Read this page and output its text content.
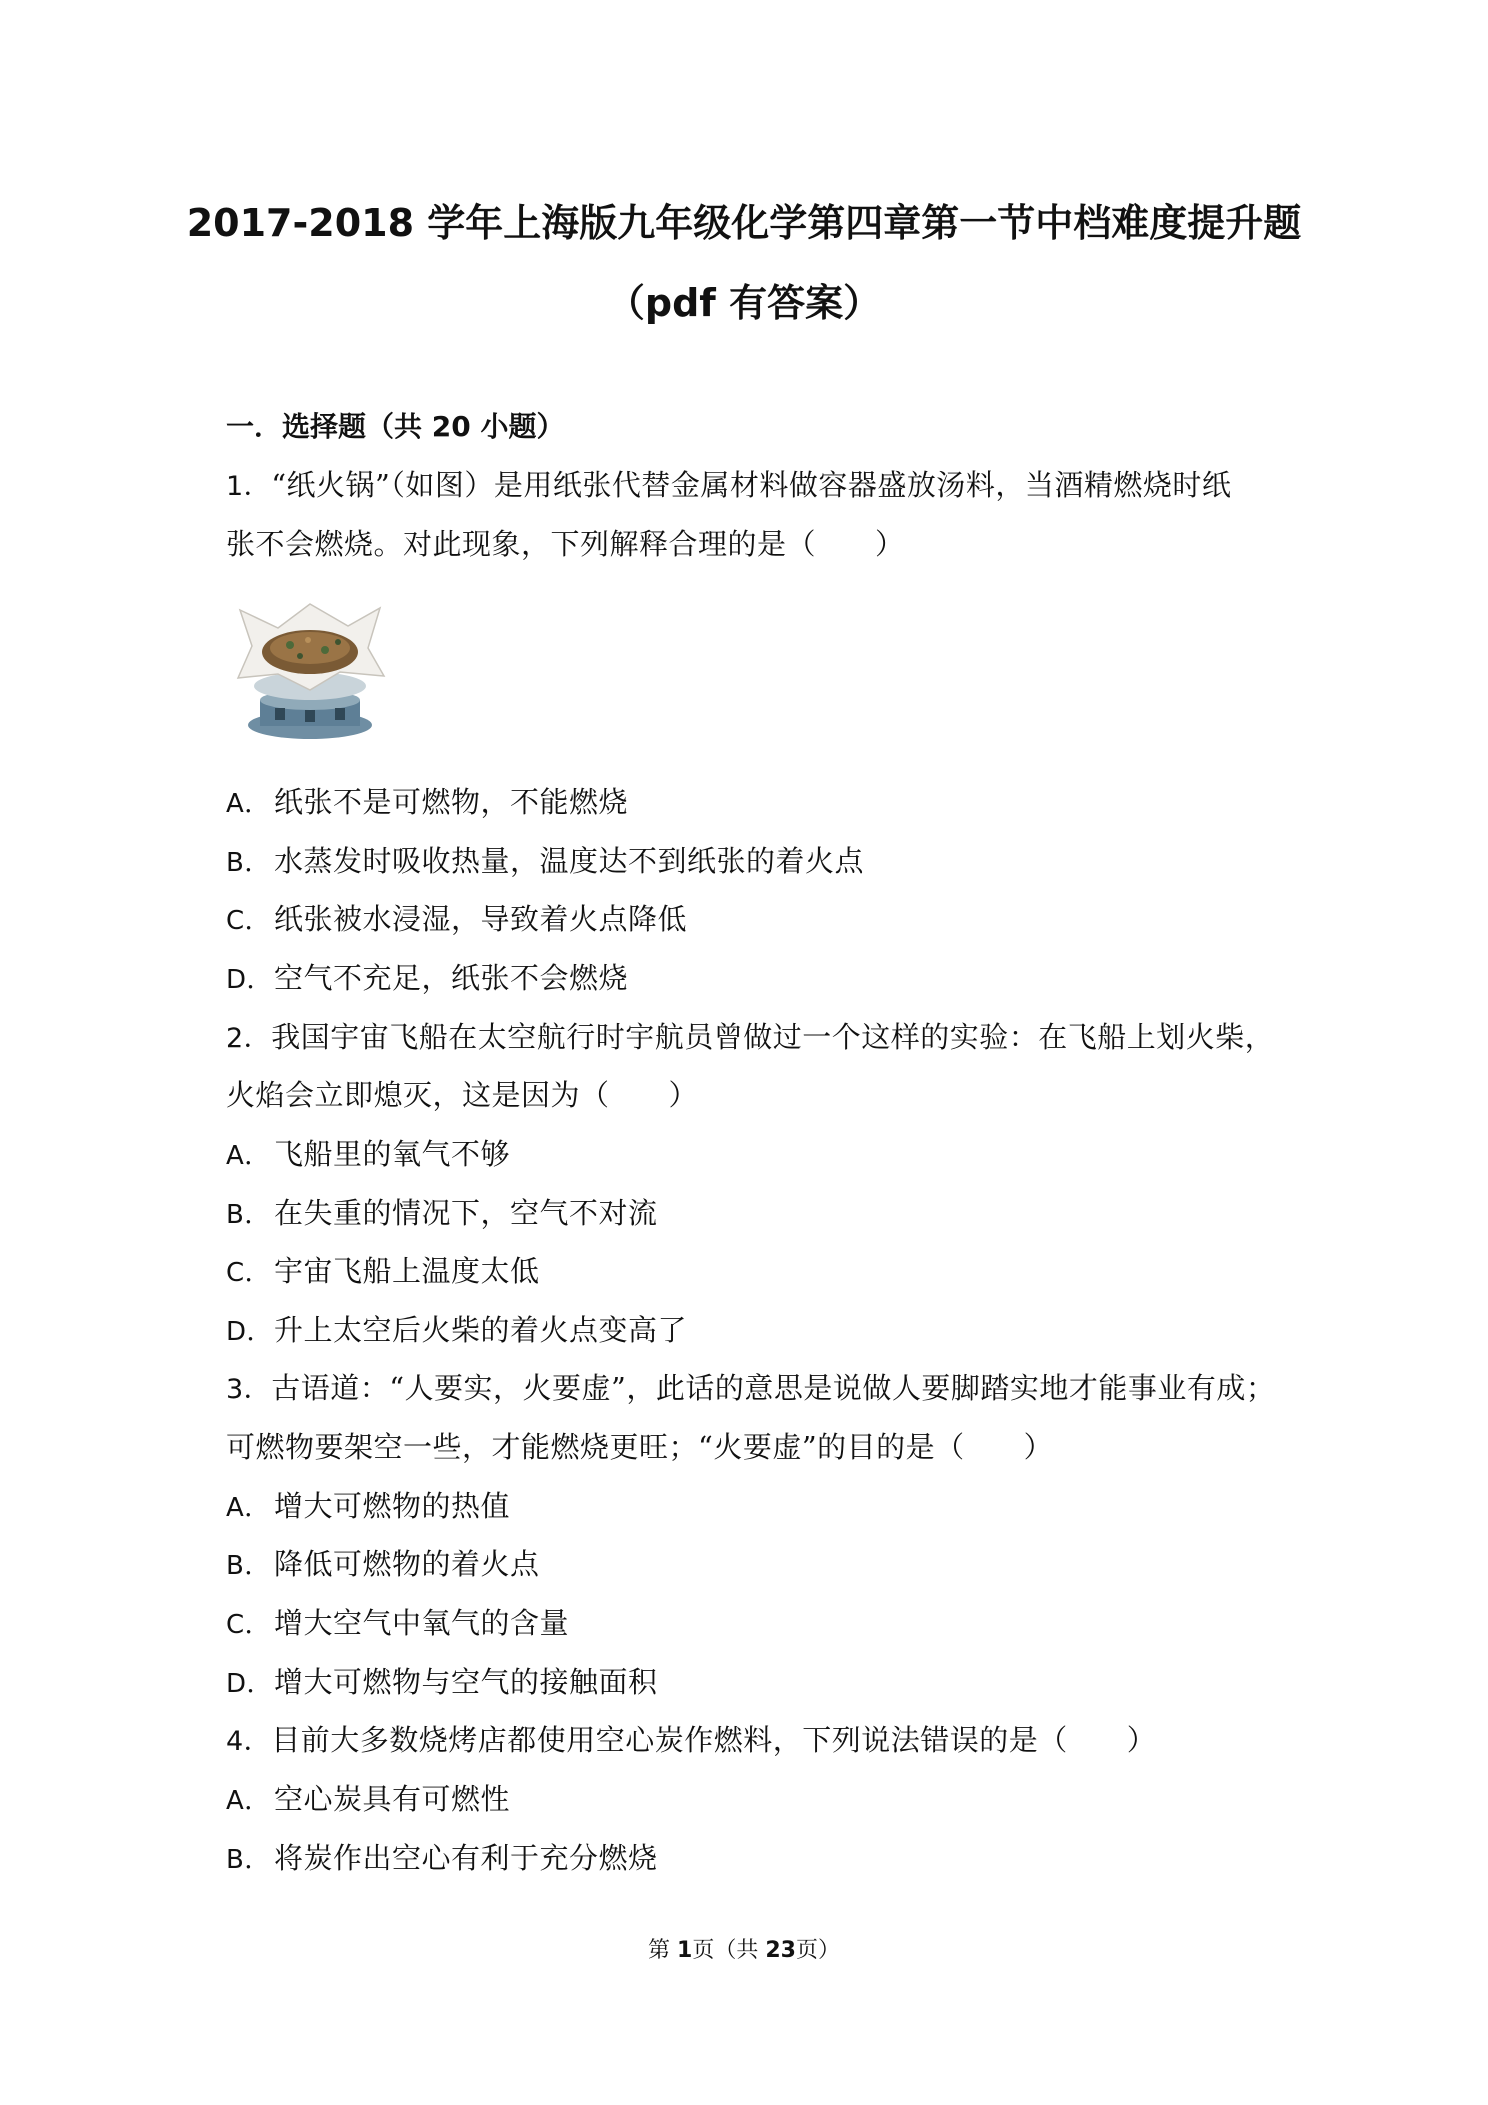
2017-2018 学年上海版九年级化学第四章第一节中档难度提升题
（pdf 有答案）
一．选择题（共 20 小题）
1．“纸火锅”（如图）是用纸张代替金属材料做容器盛放汤料，当酒精燃烧时纸
张不会燃烧。对此现象，下列解释合理的是（　　）
A． 纸张不是可燃物，不能燃烧
B． 水蒸发时吸收热量，温度达不到纸张的着火点
C．纸张被水浸湿，导致着火点降低
D．空气不充足，纸张不会燃烧
2．我国宇宙飞船在太空航行时宇航员曾做过一个这样的实验：在飞船上划火柴，
火焰会立即熄灭，这是因为（　　）
A． 飞船里的氧气不够
B． 在失重的情况下，空气不对流
C．宇宙飞船上温度太低
D．升上太空后火柴的着火点变高了
3．古语道：“人要实，火要虚”，此话的意思是说做人要脚踏实地才能事业有成；
可燃物要架空一些，才能燃烧更旺；“火要虚”的目的是（　　）
A． 增大可燃物的热值
B． 降低可燃物的着火点
C．增大空气中氧气的含量
D．增大可燃物与空气的接触面积
4．目前大多数烧烤店都使用空心炭作燃料，下列说法错误的是（　　）
A． 空心炭具有可燃性
B． 将炭作出空心有利于充分燃烧
第 1页（共 23页）
